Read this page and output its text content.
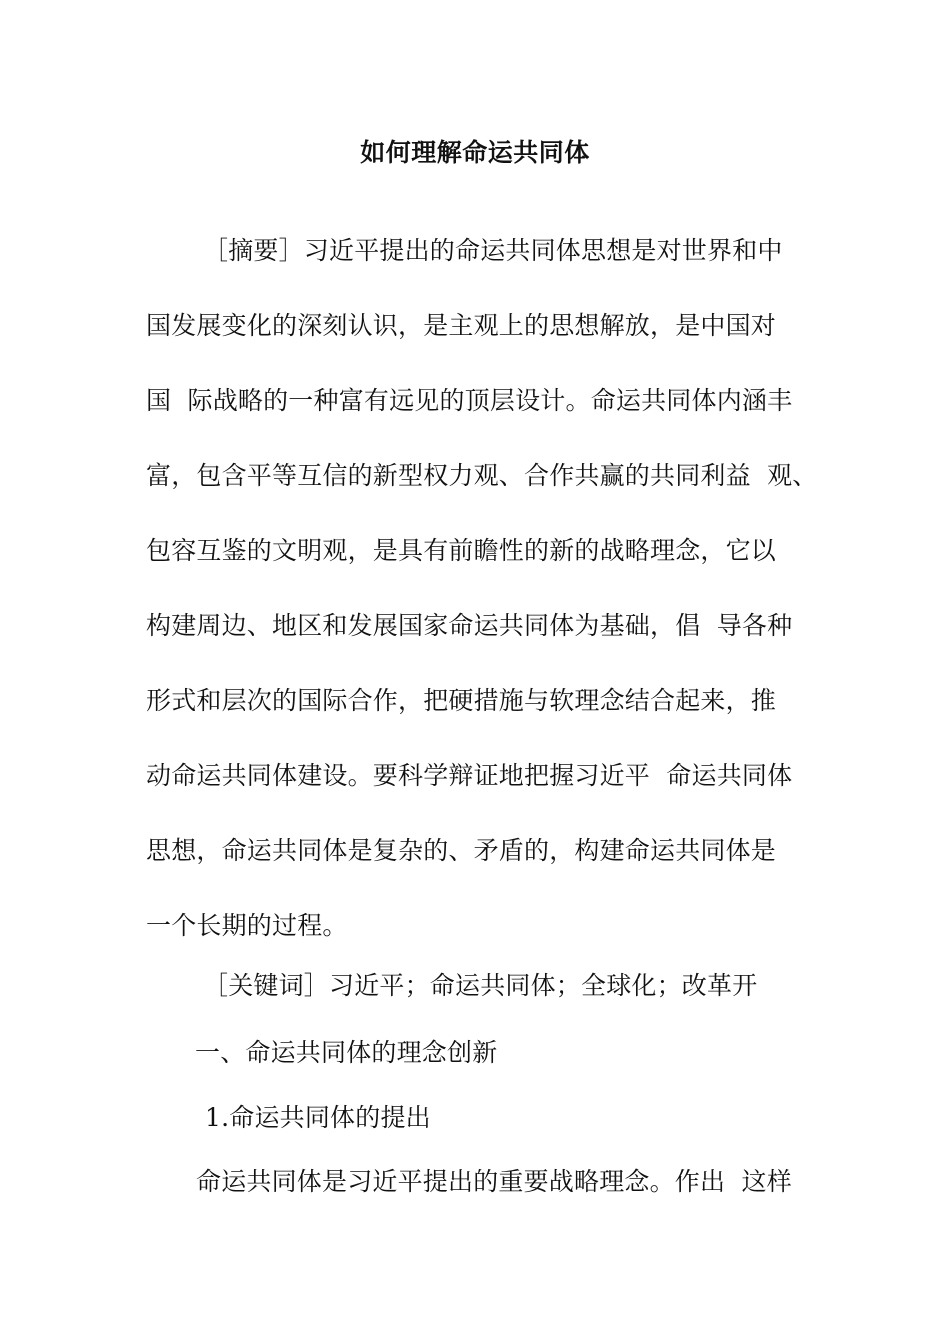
如何理解命运共同体
［摘要］习近平提出的命运共同体思想是对世界和中
国发展变化的深刻认识，是主观上的思想解放，是中国对
国  际战略的一种富有远见的顶层设计。命运共同体内涵丰
富，包含平等互信的新型权力观、合作共赢的共同利益  观、
包容互鉴的文明观，是具有前瞻性的新的战略理念，它以
构建周边、地区和发展国家命运共同体为基础，倡  导各种
形式和层次的国际合作，把硬措施与软理念结合起来，推
动命运共同体建设。要科学辩证地把握习近平  命运共同体
思想，命运共同体是复杂的、矛盾的，构建命运共同体是
一个长期的过程。
［关键词］习近平；命运共同体；全球化；改革开
一、命运共同体的理念创新
1.命运共同体的提出
命运共同体是习近平提出的重要战略理念。作出  这样
